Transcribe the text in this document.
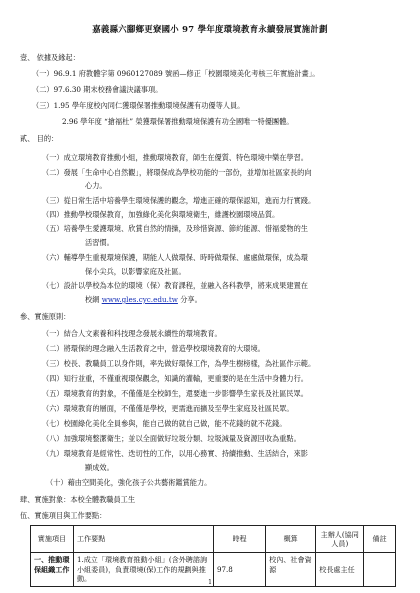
嘉義縣六腳鄉更寮國小 97 學年度環境教育永續發展實施計劃
壹、 依據及緣起：
（一）96.9.1 府教體字第 0960127089 號函—修正「校園環境美化考核三年實施計畫」。
（二）97.6.30 期末校務會議決議事項。
（三）1.95 學年度校內同仁獲環保署推動環境保護有功優等人員。
2.96 學年度 “搶福杜” 榮獲環保署推動環境保護有功全國唯一特優團體。
貳、 目的：
（一）成立環境教育推動小組，推動環境教育，師生在優質、特色環境中樂在學習。
（二）發展「生命中心自然觀」，將環保成為學校功能的一部份，並增加社區家長的向
心力。
（三）從日常生活中培養學生環境保護的觀念，增進正確的環保認知，進而力行實踐。
（四）推動學校環保教育，加強綠化美化與環境衛生，維護校園環境品質。
（五）培養學生愛護環境、欣賞自然的情操，及珍惜資源、節約能源、惜福愛物的生
活習慣。
（六）輔導學生重視環境保護，期能人人做環保、時時做環保、處處做環保，成為環
保小尖兵，以影響家庭及社區。
（七）設計以學校為本位的環境（保）教育課程，並融入各科教學，將來成果建置在
校網 www.gles.cyc.edu.tw 分享。
參、實施原則：
（一）結合人文素養和科技理念發展永續性的環境教育。
（二）將環保的理念融入生活教育之中，營造學校環境教育的大環境。
（三）校長、教職員工以身作則，率先做好環保工作，為學生樹榜樣，為社區作示範。
（四）知行並重，不僅重視環保觀念，知識的灌輸，更重要的是在生活中身體力行。
（五）環境教育的對象，不僅僅是全校師生，還要進一步影響學生家長及社區民眾。
（六）環境教育的層面，不僅僅是學校，更需進而擴及至學生家庭及社區民眾。
（七）校園綠化美化全員參與，能自己做的就自己做，能不花錢的就不花錢。
（八）加強環境整潔衛生；並以全面做好垃圾分類、垃圾減量及資源回收為重點。
（九）環境教育是經常性、迭切性的工作，以用心務實、持續推動、生活結合，來影
顯成效。
（十）藉由空間美化，強化孩子公共藝術鑑賞能力。
肆、實施對象：本校全體教職員工生
伍、實施項目與工作要點：
實施項目	工作要點	時程	概算	主辦人(協同人員)	備註
一、推動環保組織工作	1.成立「環境教育推動小組」(含外聘諮詢小組委員)，負責環境(保)工作的規劃與推動。	97.8	校內、社會資源	校長處主任	
1
